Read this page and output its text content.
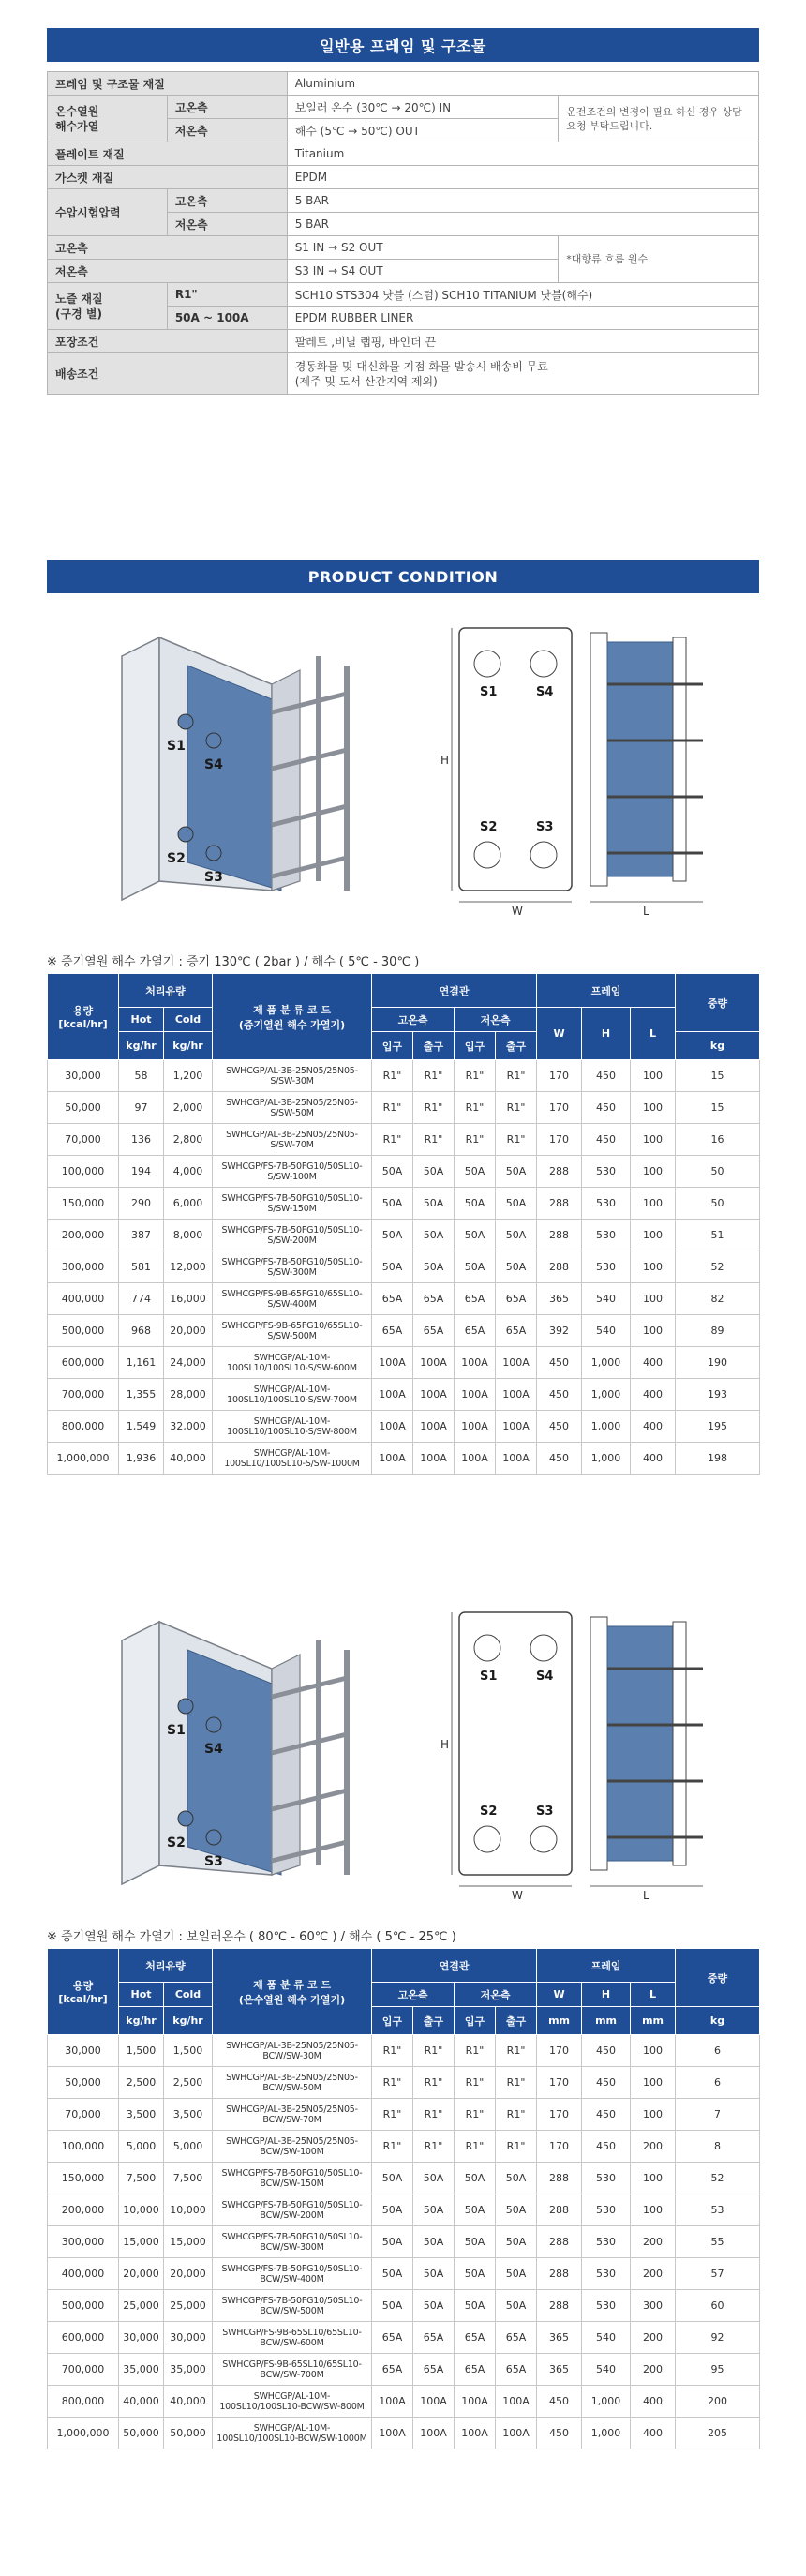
일반용 프레임 및 구조물
프레임 및 구조물 재질		Aluminium	
온수열원
해수가열	고온측	보일러 온수 (30℃ → 20℃) IN	운전조건의 변경이 필요 하신 경우 상담요청 부탁드립니다.
	저온측	해수 (5℃ → 50℃) OUT	
플레이트 재질		Titanium	
가스켓 재질		EPDM	
수압시험압력	고온측	5 BAR	
	저온측	5 BAR	
고온측		S1 IN → S2 OUT	*대향류 흐름 원수
저온측		S3 IN → S4 OUT	
노즐 재질
(구경 별)	R1"	SCH10 STS304 낫블 (스텀) SCH10 TITANIUM 낫블(해수)	
	50A ~ 100A	EPDM RUBBER LINER	
포장조건		팔레트 ,비닐 랩핑, 바인더 끈	
배송조건		경동화물 및 대신화물 지점 화물 발송시 배송비 무료
(제주 및 도서 산간지역 제외)	
PRODUCT CONDITION
S1
S4
S2
S3
S1	S4
S2	S3
H
W	L
※ 증기열원 해수 가열기 : 증기 130℃ ( 2bar ) / 해수 ( 5℃ - 30℃ )
용량
[kcal/hr]	처리유량		제 품 분 류 코 드
(증기열원 해수 가열기)	연결관				프레임			중량
	Hot	Cold		고온측		저온측		W	H	L	
	kg/hr	kg/hr		입구	출구	입구	출구				kg
30,000	58	1,200	SWHCGP/AL-3B-25N05/25N05-S/SW-30M	R1"	R1"	R1"	R1"	170	450	100	15
50,000	97	2,000	SWHCGP/AL-3B-25N05/25N05-S/SW-50M	R1"	R1"	R1"	R1"	170	450	100	15
70,000	136	2,800	SWHCGP/AL-3B-25N05/25N05-S/SW-70M	R1"	R1"	R1"	R1"	170	450	100	16
100,000	194	4,000	SWHCGP/FS-7B-50FG10/50SL10-S/SW-100M	50A	50A	50A	50A	288	530	100	50
150,000	290	6,000	SWHCGP/FS-7B-50FG10/50SL10-S/SW-150M	50A	50A	50A	50A	288	530	100	50
200,000	387	8,000	SWHCGP/FS-7B-50FG10/50SL10-S/SW-200M	50A	50A	50A	50A	288	530	100	51
300,000	581	12,000	SWHCGP/FS-7B-50FG10/50SL10-S/SW-300M	50A	50A	50A	50A	288	530	100	52
400,000	774	16,000	SWHCGP/FS-9B-65FG10/65SL10-S/SW-400M	65A	65A	65A	65A	365	540	100	82
500,000	968	20,000	SWHCGP/FS-9B-65FG10/65SL10-S/SW-500M	65A	65A	65A	65A	392	540	100	89
600,000	1,161	24,000	SWHCGP/AL-10M-100SL10/100SL10-S/SW-600M	100A	100A	100A	100A	450	1,000	400	190
700,000	1,355	28,000	SWHCGP/AL-10M-100SL10/100SL10-S/SW-700M	100A	100A	100A	100A	450	1,000	400	193
800,000	1,549	32,000	SWHCGP/AL-10M-100SL10/100SL10-S/SW-800M	100A	100A	100A	100A	450	1,000	400	195
1,000,000	1,936	40,000	SWHCGP/AL-10M-100SL10/100SL10-S/SW-1000M	100A	100A	100A	100A	450	1,000	400	198
S1
S4
S2
S3
S1	S4
S2	S3
H
W	L
※ 증기열원 해수 가열기 : 보일러온수 ( 80℃ - 60℃ ) / 해수 ( 5℃ - 25℃ )
용량
[kcal/hr]	처리유량		제 품 분 류 코 드
(온수열원 해수 가열기)	연결관				프레임			중량
	Hot	Cold		고온측		저온측		W	H	L	
	kg/hr	kg/hr		입구	출구	입구	출구	mm	mm	mm	kg
30,000	1,500	1,500	SWHCGP/AL-3B-25N05/25N05-BCW/SW-30M	R1"	R1"	R1"	R1"	170	450	100	6
50,000	2,500	2,500	SWHCGP/AL-3B-25N05/25N05-BCW/SW-50M	R1"	R1"	R1"	R1"	170	450	100	6
70,000	3,500	3,500	SWHCGP/AL-3B-25N05/25N05-BCW/SW-70M	R1"	R1"	R1"	R1"	170	450	100	7
100,000	5,000	5,000	SWHCGP/AL-3B-25N05/25N05-BCW/SW-100M	R1"	R1"	R1"	R1"	170	450	200	8
150,000	7,500	7,500	SWHCGP/FS-7B-50FG10/50SL10-BCW/SW-150M	50A	50A	50A	50A	288	530	100	52
200,000	10,000	10,000	SWHCGP/FS-7B-50FG10/50SL10-BCW/SW-200M	50A	50A	50A	50A	288	530	100	53
300,000	15,000	15,000	SWHCGP/FS-7B-50FG10/50SL10-BCW/SW-300M	50A	50A	50A	50A	288	530	200	55
400,000	20,000	20,000	SWHCGP/FS-7B-50FG10/50SL10-BCW/SW-400M	50A	50A	50A	50A	288	530	200	57
500,000	25,000	25,000	SWHCGP/FS-7B-50FG10/50SL10-BCW/SW-500M	50A	50A	50A	50A	288	530	300	60
600,000	30,000	30,000	SWHCGP/FS-9B-65SL10/65SL10-BCW/SW-600M	65A	65A	65A	65A	365	540	200	92
700,000	35,000	35,000	SWHCGP/FS-9B-65SL10/65SL10-BCW/SW-700M	65A	65A	65A	65A	365	540	200	95
800,000	40,000	40,000	SWHCGP/AL-10M-100SL10/100SL10-BCW/SW-800M	100A	100A	100A	100A	450	1,000	400	200
1,000,000	50,000	50,000	SWHCGP/AL-10M-100SL10/100SL10-BCW/SW-1000M	100A	100A	100A	100A	450	1,000	400	205
